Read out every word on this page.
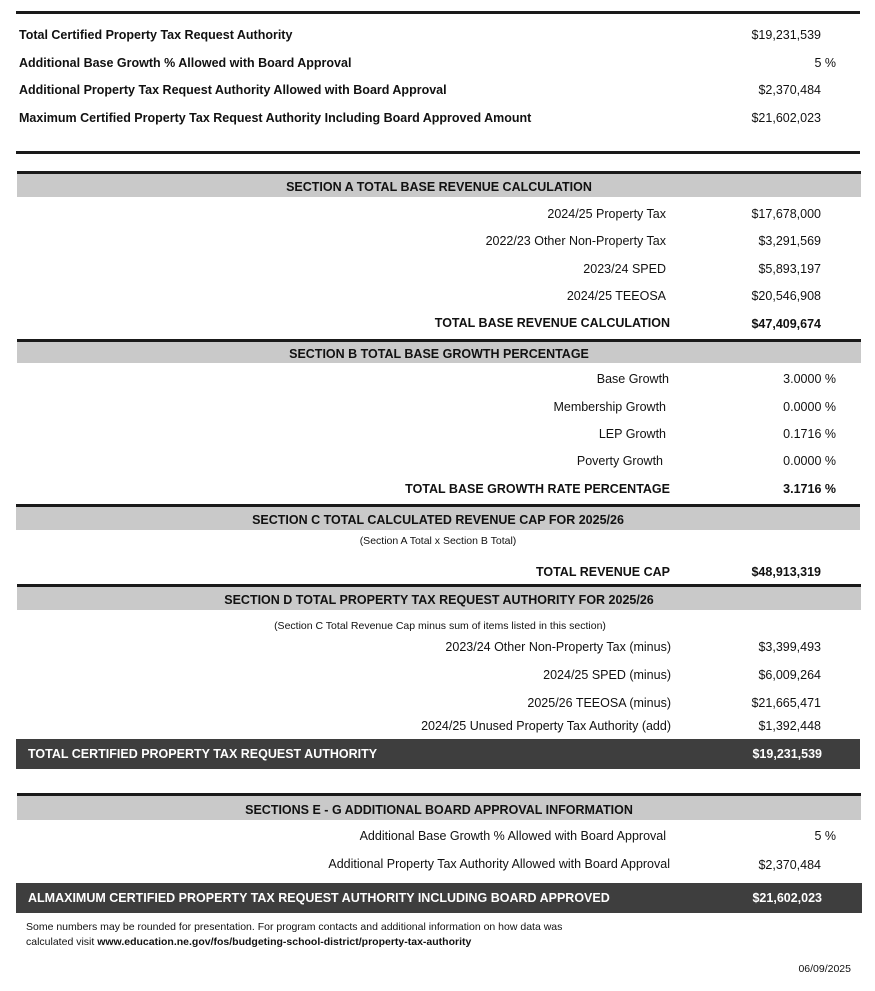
Total Certified Property Tax Request Authority	$19,231,539
Additional Base Growth % Allowed with Board Approval	5 %
Additional Property Tax Request Authority Allowed with Board Approval	$2,370,484
Maximum Certified Property Tax Request Authority Including Board Approved Amount	$21,602,023
SECTION A TOTAL BASE REVENUE CALCULATION
2024/25 Property Tax	$17,678,000
2022/23 Other Non-Property Tax	$3,291,569
2023/24 SPED	$5,893,197
2024/25 TEEOSA	$20,546,908
TOTAL BASE REVENUE CALCULATION	$47,409,674
SECTION B TOTAL BASE GROWTH PERCENTAGE
Base Growth	3.0000 %
Membership Growth	0.0000 %
LEP Growth	0.1716 %
Poverty Growth	0.0000 %
TOTAL BASE GROWTH RATE PERCENTAGE	3.1716 %
SECTION C TOTAL CALCULATED REVENUE CAP FOR 2025/26
(Section A Total x Section B Total)
TOTAL REVENUE CAP	$48,913,319
SECTION D TOTAL PROPERTY TAX REQUEST AUTHORITY FOR 2025/26
(Section C Total Revenue Cap minus sum of items listed in this section)
2023/24 Other Non-Property Tax (minus)	$3,399,493
2024/25 SPED (minus)	$6,009,264
2025/26 TEEOSA (minus)	$21,665,471
2024/25 Unused Property Tax Authority (add)	$1,392,448
TOTAL CERTIFIED PROPERTY TAX REQUEST AUTHORITY	$19,231,539
SECTIONS E - G ADDITIONAL BOARD APPROVAL INFORMATION
Additional Base Growth % Allowed with Board Approval	5 %
Additional Property Tax Authority Allowed with Board Approval	$2,370,484
ALMAXIMUM CERTIFIED PROPERTY TAX REQUEST AUTHORITY INCLUDING BOARD APPROVED	$21,602,023
Some numbers may be rounded for presentation. For program contacts and additional information on how data was
calculated visit www.education.ne.gov/fos/budgeting-school-district/property-tax-authority
06/09/2025
